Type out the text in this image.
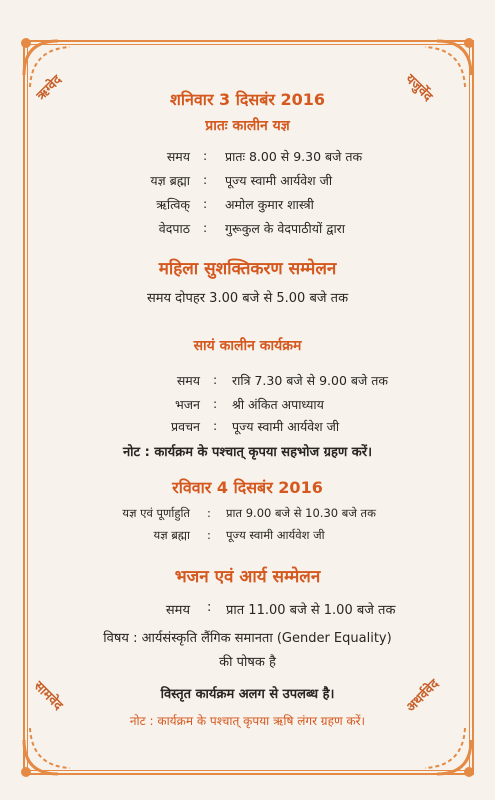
ऋग्वेद	यजुर्वेद
सामवेद	अथर्ववेद
शनिवार 3 दिसबंर 2016
प्रातः कालीन यज्ञ
समय : प्रातः 8.00 से 9.30 बजे तक
यज्ञ ब्रह्मा : पूज्य स्वामी आर्यवेश जी
ऋत्विक् : अमोल कुमार शास्त्री
वेदपाठ : गुरूकुल के वेदपाठीयों द्वारा
महिला सुशक्तिकरण सम्मेलन
समय दोपहर 3.00 बजे से 5.00 बजे तक
सायं कालीन कार्यक्रम
समय : रात्रि 7.30 बजे से 9.00 बजे तक
भजन : श्री अंकित अपाध्याय
प्रवचन : पूज्य स्वामी आर्यवेश जी
नोट : कार्यक्रम के पश्चात् कृपया सहभोज ग्रहण करें।
रविवार 4 दिसबंर 2016
यज्ञ एवं पूर्णाहुति : प्रात 9.00 बजे से 10.30 बजे तक
यज्ञ ब्रह्मा : पूज्य स्वामी आर्यवेश जी
भजन एवं आर्य सम्मेलन
समय : प्रात 11.00 बजे से 1.00 बजे तक
विषय : आर्यसंस्कृति लैंगिक समानता (Gender Equality)
की पोषक है
विस्तृत कार्यक्रम अलग से उपलब्ध है।
नोट : कार्यक्रम के पश्चात् कृपया ऋषि लंगर ग्रहण करें।
